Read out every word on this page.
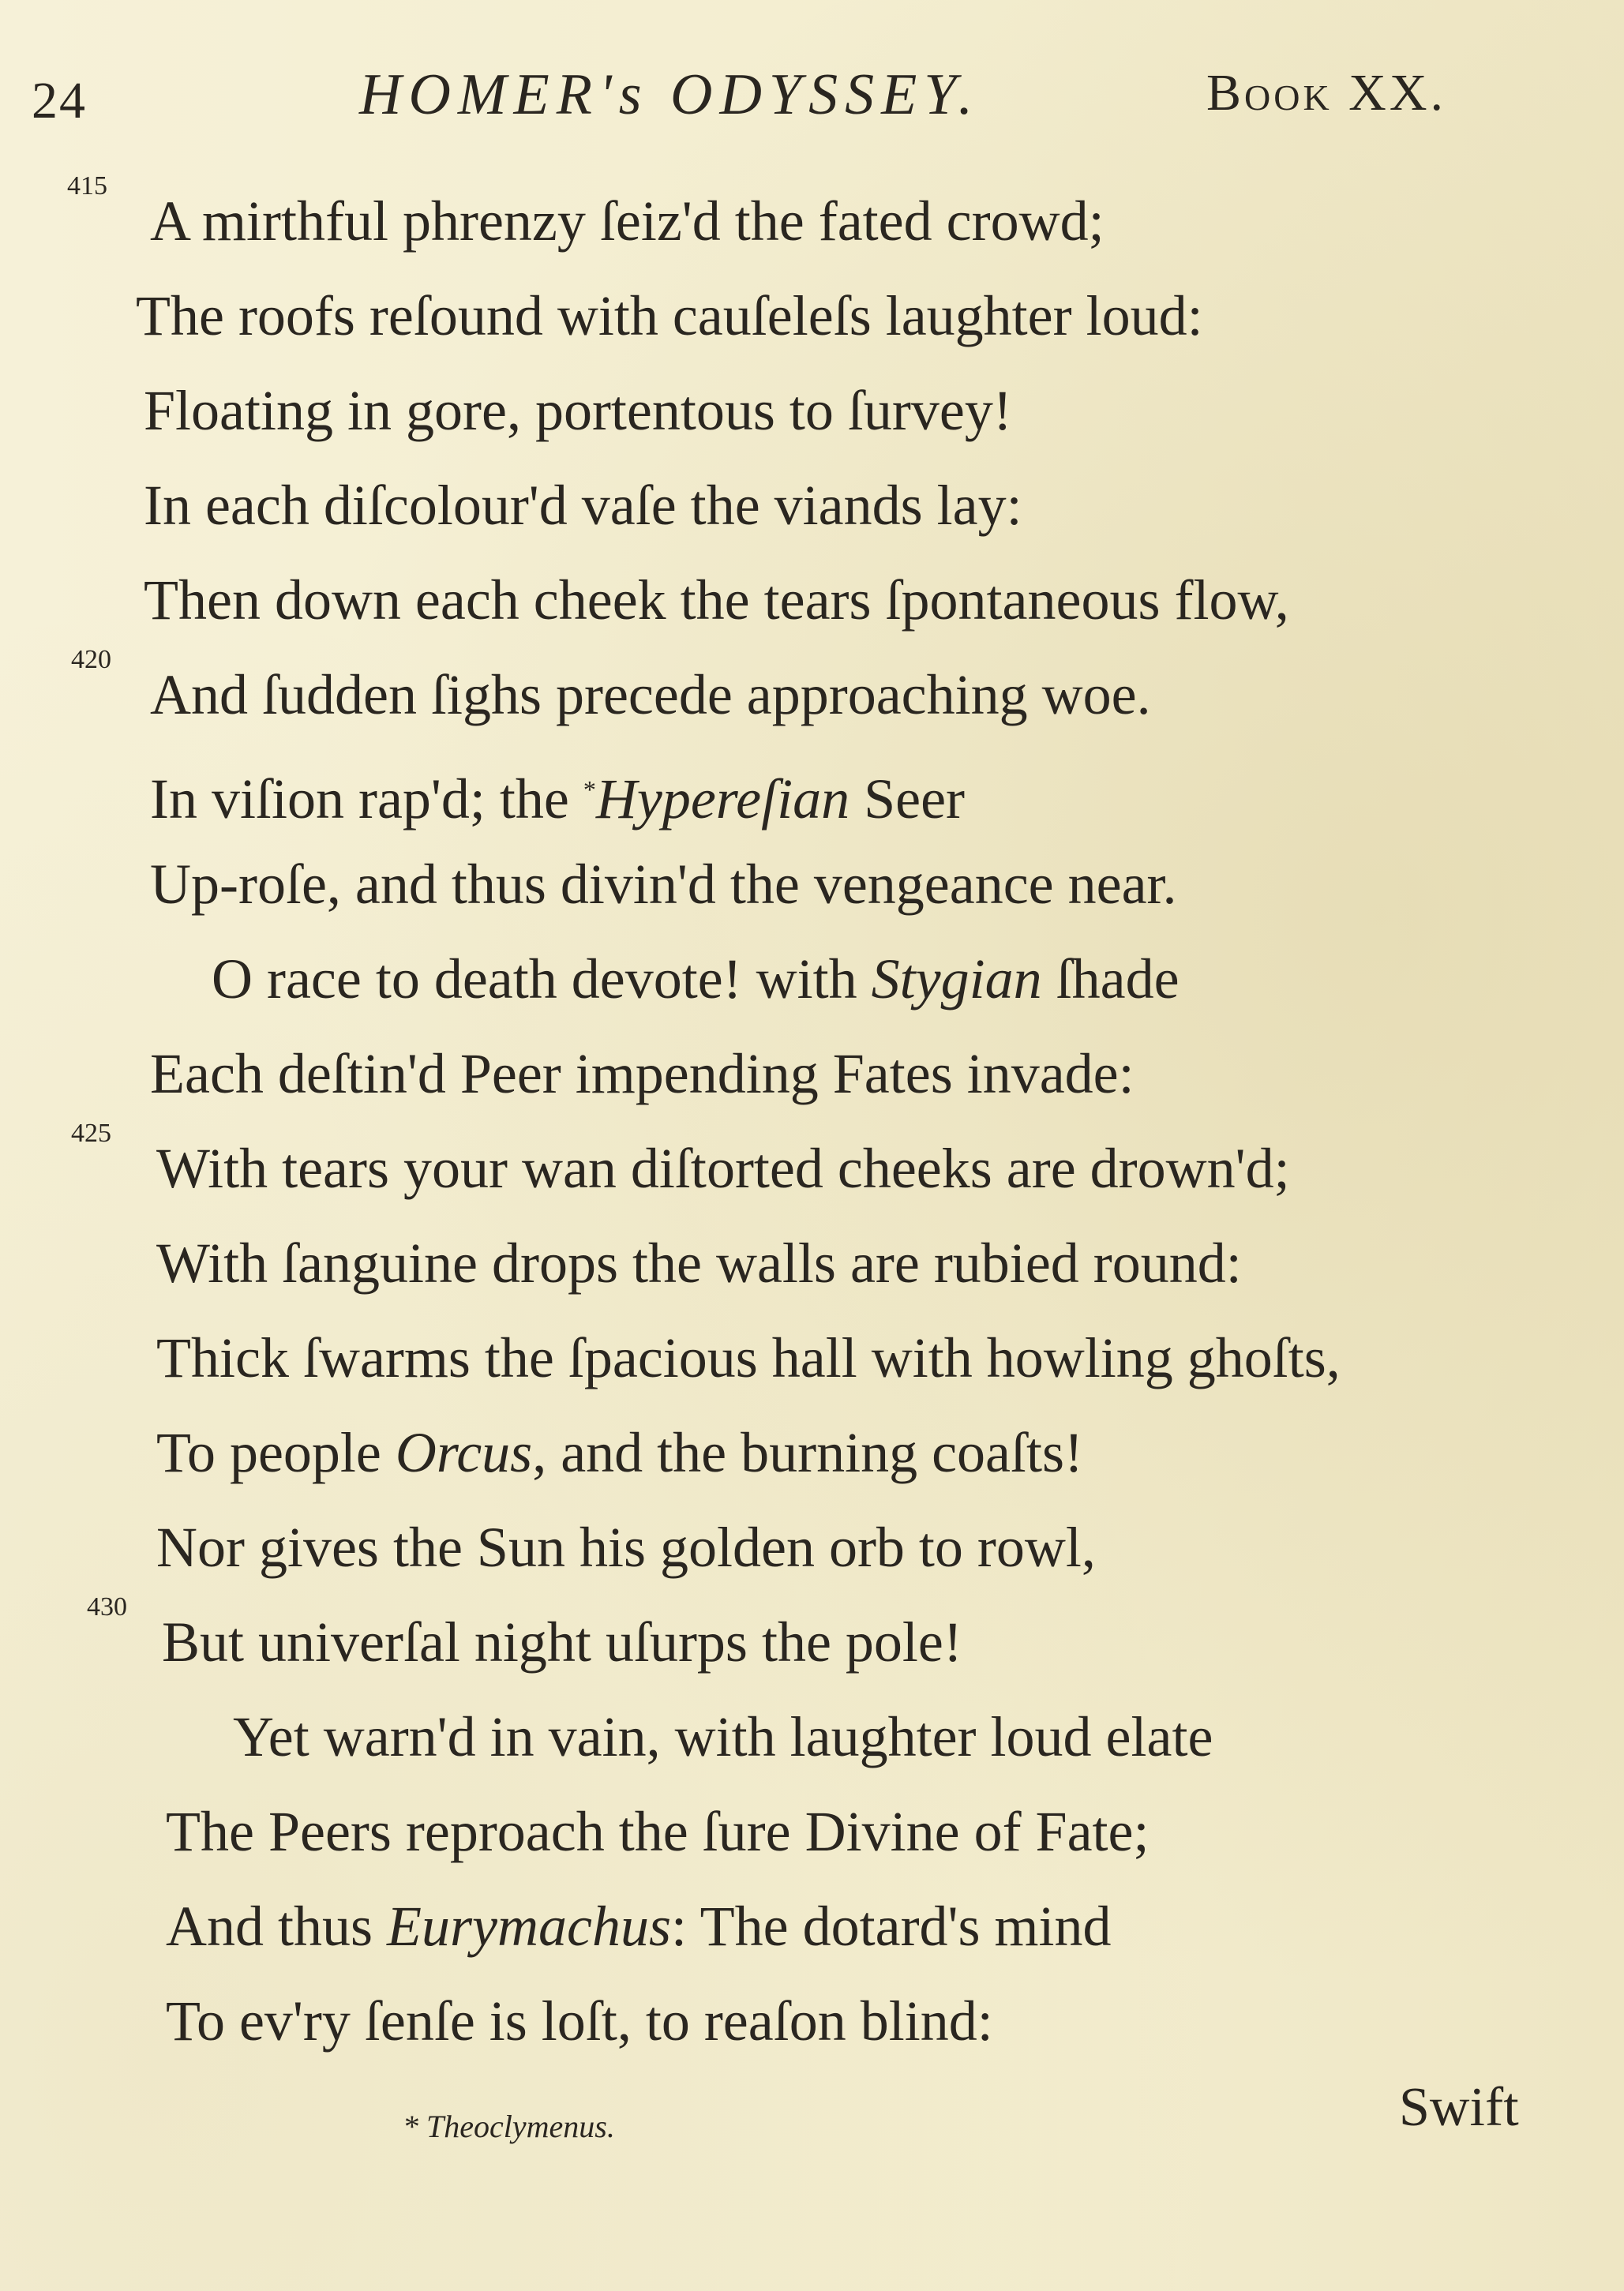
24	HOMER's ODYSSEY.	Book XX.
415
A mirthful phrenzy ſeiz'd the fated crowd;
The roofs reſound with cauſeleſs laughter loud:
Floating in gore, portentous to ſurvey!
In each diſcolour'd vaſe the viands lay:
Then down each cheek the tears ſpontaneous flow,
420
And ſudden ſighs precede approaching woe.
In viſion rap'd; the *Hypereſian Seer
Up-roſe, and thus divin'd the vengeance near.
O race to death devote! with Stygian ſhade
Each deſtin'd Peer impending Fates invade:
425
With tears your wan diſtorted cheeks are drown'd;
With ſanguine drops the walls are rubied round:
Thick ſwarms the ſpacious hall with howling ghoſts,
To people Orcus, and the burning coaſts!
Nor gives the Sun his golden orb to rowl,
430
But univerſal night uſurps the pole!
Yet warn'd in vain, with laughter loud elate
The Peers reproach the ſure Divine of Fate;
And thus Eurymachus: The dotard's mind
To ev'ry ſenſe is loſt, to reaſon blind:
* Theoclymenus.	Swift
